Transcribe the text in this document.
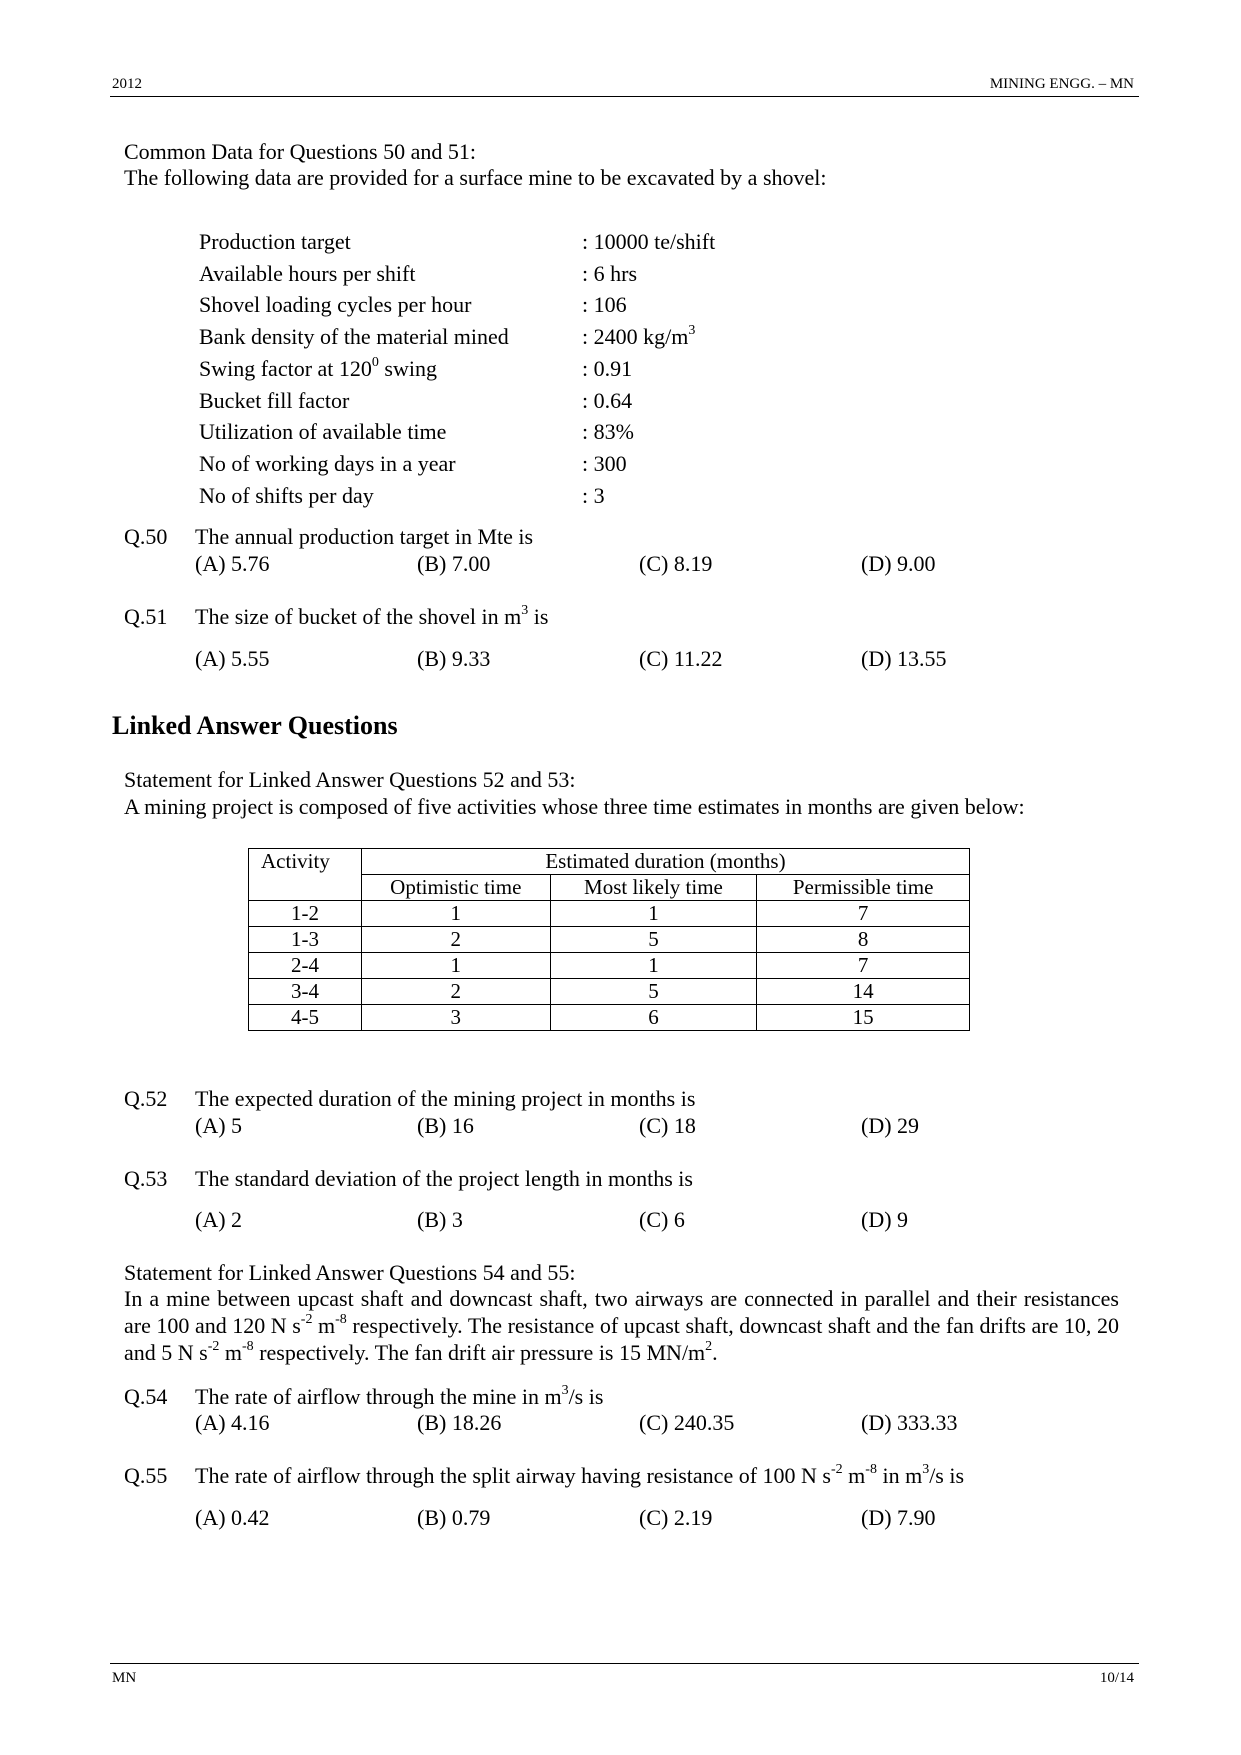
2012	MINING ENGG. – MN
Common Data for Questions 50 and 51:
The following data are provided for a surface mine to be excavated by a shovel:
Production target	: 10000 te/shift
Available hours per shift	: 6 hrs
Shovel loading cycles per hour	: 106
Bank density of the material mined	: 2400 $kg/m^3$
Swing factor at $120^0$ swing	: 0.91
Bucket fill factor	: 0.64
Utilization of available time	: 83%
No of working days in a year	: 300
No of shifts per day	: 3
Q.50 The annual production target in Mte is
(A) 5.76	(B) 7.00	(C) 8.19	(D) 9.00
Q.51 The size of bucket of the shovel in $m^3$ is
(A) 5.55	(B) 9.33	(C) 11.22	(D) 13.55
Linked Answer Questions
Statement for Linked Answer Questions 52 and 53:
A mining project is composed of five activities whose three time estimates in months are given below:
Activity	Estimated duration (months)		
	Optimistic time	Most likely time	Permissible time
1-2	1	1	7
1-3	2	5	8
2-4	1	1	7
3-4	2	5	14
4-5	3	6	15
Q.52 The expected duration of the mining project in months is
(A) 5	(B) 16	(C) 18	(D) 29
Q.53 The standard deviation of the project length in months is
(A) 2	(B) 3	(C) 6	(D) 9
Statement for Linked Answer Questions 54 and 55:
In a mine between upcast shaft and downcast shaft, two airways are connected in parallel and their resistances are 100 and 120 N $s^{-2}$ $m^{-8}$ respectively. The resistance of upcast shaft, downcast shaft and the fan drifts are 10, 20 and 5 N $s^{-2}$ $m^{-8}$ respectively. The fan drift air pressure is 15 $MN/m^2$.
Q.54 The rate of airflow through the mine in $m^3/s$ is
(A) 4.16	(B) 18.26	(C) 240.35	(D) 333.33
Q.55 The rate of airflow through the split airway having resistance of 100 N $s^{-2}$ $m^{-8}$ in $m^3/s$ is
(A) 0.42	(B) 0.79	(C) 2.19	(D) 7.90
MN	10/14
